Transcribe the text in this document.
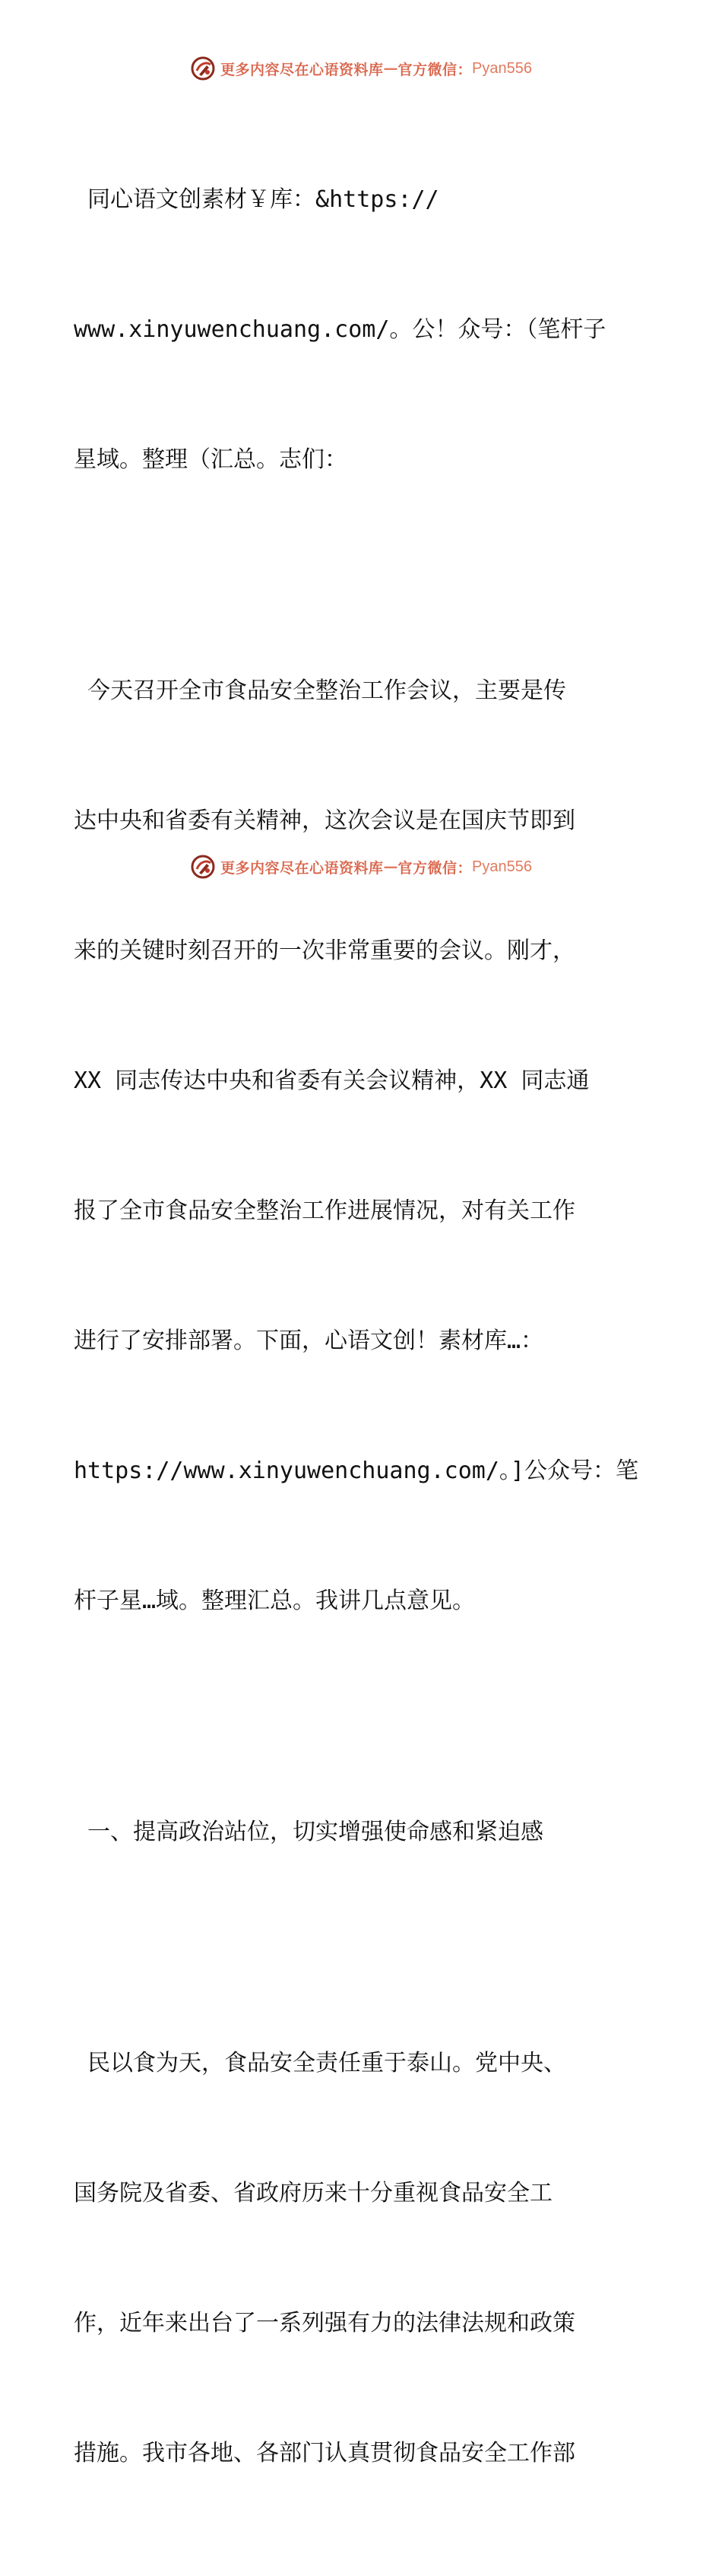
更多内容尽在心语资料库 — 官方微信： Pyan556

同心语文创素材￥库：&https://

www.xinyuwenchuang.com/。公！众号：（笔杆子

星域。整理（汇总。志们：

今天召开全市食品安全整治工作会议，主要是传

达中央和省委有关精神，这次会议是在国庆节即到

来的关键时刻召开的一次非常重要的会议。刚才，

XX 同志传达中央和省委有关会议精神，XX 同志通

报了全市食品安全整治工作进展情况，对有关工作

进行了安排部署。下面，心语文创！素材库…：

https://www.xinyuwenchuang.com/。]公众号：笔

杆子星…域。整理汇总。我讲几点意见。

一、提高政治站位，切实增强使命感和紧迫感

民以食为天，食品安全责任重于泰山。党中央、

国务院及省委、省政府历来十分重视食品安全工

作，近年来出台了一系列强有力的法律法规和政策

措施。我市各地、各部门认真贯彻食品安全工作部

更多内容尽在心语资料库 — 官方微信： Pyan556
